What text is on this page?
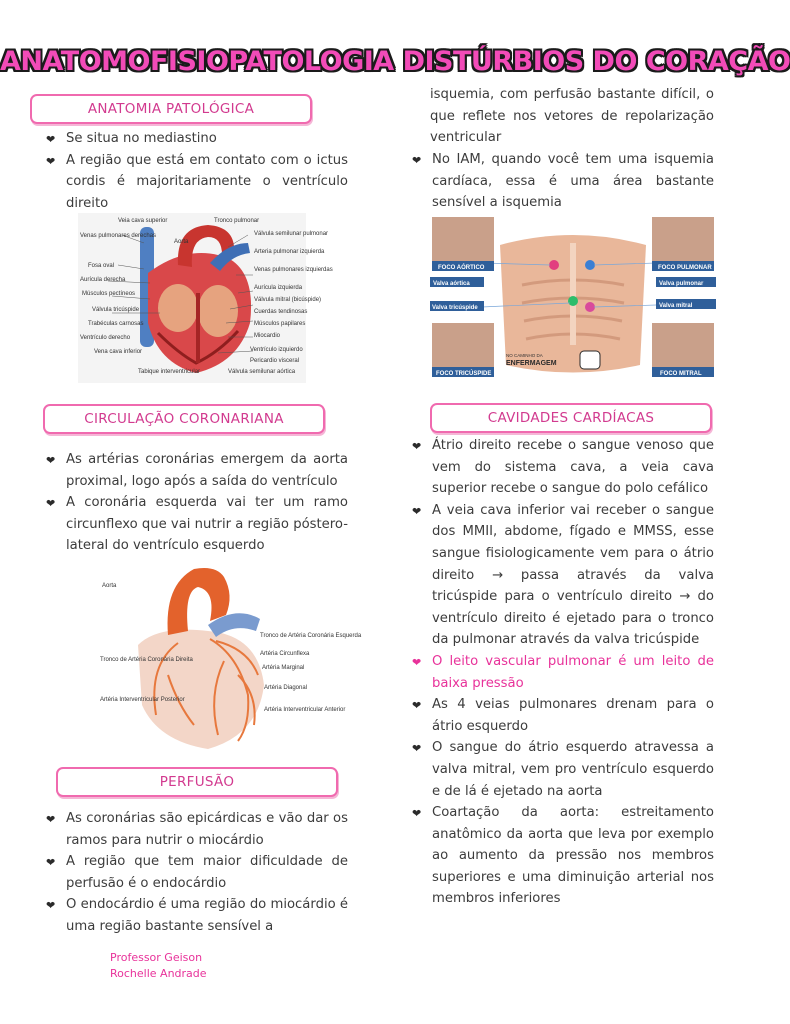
ANATOMOFISIOPATOLOGIA DISTÚRBIOS DO CORAÇÃO
ANATOMIA PATOLÓGICA
❤ Se situa no mediastino
❤ A região que está em contato com o ictus cordis é majoritariamente o ventrículo direito
Veia cava superior	Tronco pulmonar
Venas pulmonares derechas
Aorta
Fosa oval
Aurícula derecha
Músculos pectíneos
Válvula tricúspide
Trabéculas carnosas
Ventrículo derecho
Vena cava inferior
Tabique interventricular
Válvula semilunar pulmonar
Arteria pulmonar izquierda
Venas pulmonares izquierdas
Aurícula izquierda
Válvula mitral (bicúspide)
Cuerdas tendinosas
Músculos papilares
Miocardio
Ventrículo izquierdo
Pericardio visceral
Válvula semilunar aórtica
CIRCULAÇÃO CORONARIANA
❤ As artérias coronárias emergem da aorta proximal, logo após a saída do ventrículo
❤ A coronária esquerda vai ter um ramo circunflexo que vai nutrir a região póstero-lateral do ventrículo esquerdo
Aorta
Tronco de Artéria Coronária Esquerda
Artéria Circunflexa
Artéria Marginal
Artéria Diagonal
Tronco de Artéria Coronária Direita
Artéria Interventricular Posterior
Artéria Interventricular Anterior
PERFUSÃO
❤ As coronárias são epicárdicas e vão dar os ramos para nutrir o miocárdio
❤ A região que tem maior dificuldade de perfusão é o endocárdio
❤ O endocárdio é uma região do miocárdio é uma região bastante sensível a
Professor Geison
Rochelle Andrade

isquemia, com perfusão bastante difícil, o que reflete nos vetores de repolarização ventricular

❤ No IAM, quando você tem uma isquemia cardíaca, essa é uma área bastante sensível a isquemia
FOCO AÓRTICO	FOCO PULMONAR
FOCO TRICÚSPIDE	FOCO MITRAL
Valva aórtica	Valva pulmonar
Valva tricúspide	Valva mitral
NO CAMINHO DA
ENFERMAGEM
CAVIDADES CARDÍACAS
❤ Átrio direito recebe o sangue venoso que vem do sistema cava, a veia cava superior recebe o sangue do polo cefálico
❤ A veia cava inferior vai receber o sangue dos MMII, abdome, fígado e MMSS, esse sangue fisiologicamente vem para o átrio direito → passa através da valva tricúspide para o ventrículo direito → do ventrículo direito é ejetado para o tronco da pulmonar através da valva tricúspide
❤ O leito vascular pulmonar é um leito de baixa pressão
❤ As 4 veias pulmonares drenam para o átrio esquerdo
❤ O sangue do átrio esquerdo atravessa a valva mitral, vem pro ventrículo esquerdo e de lá é ejetado na aorta
❤ Coartação da aorta: estreitamento anatômico da aorta que leva por exemplo ao aumento da pressão nos membros superiores e uma diminuição arterial nos membros inferiores
